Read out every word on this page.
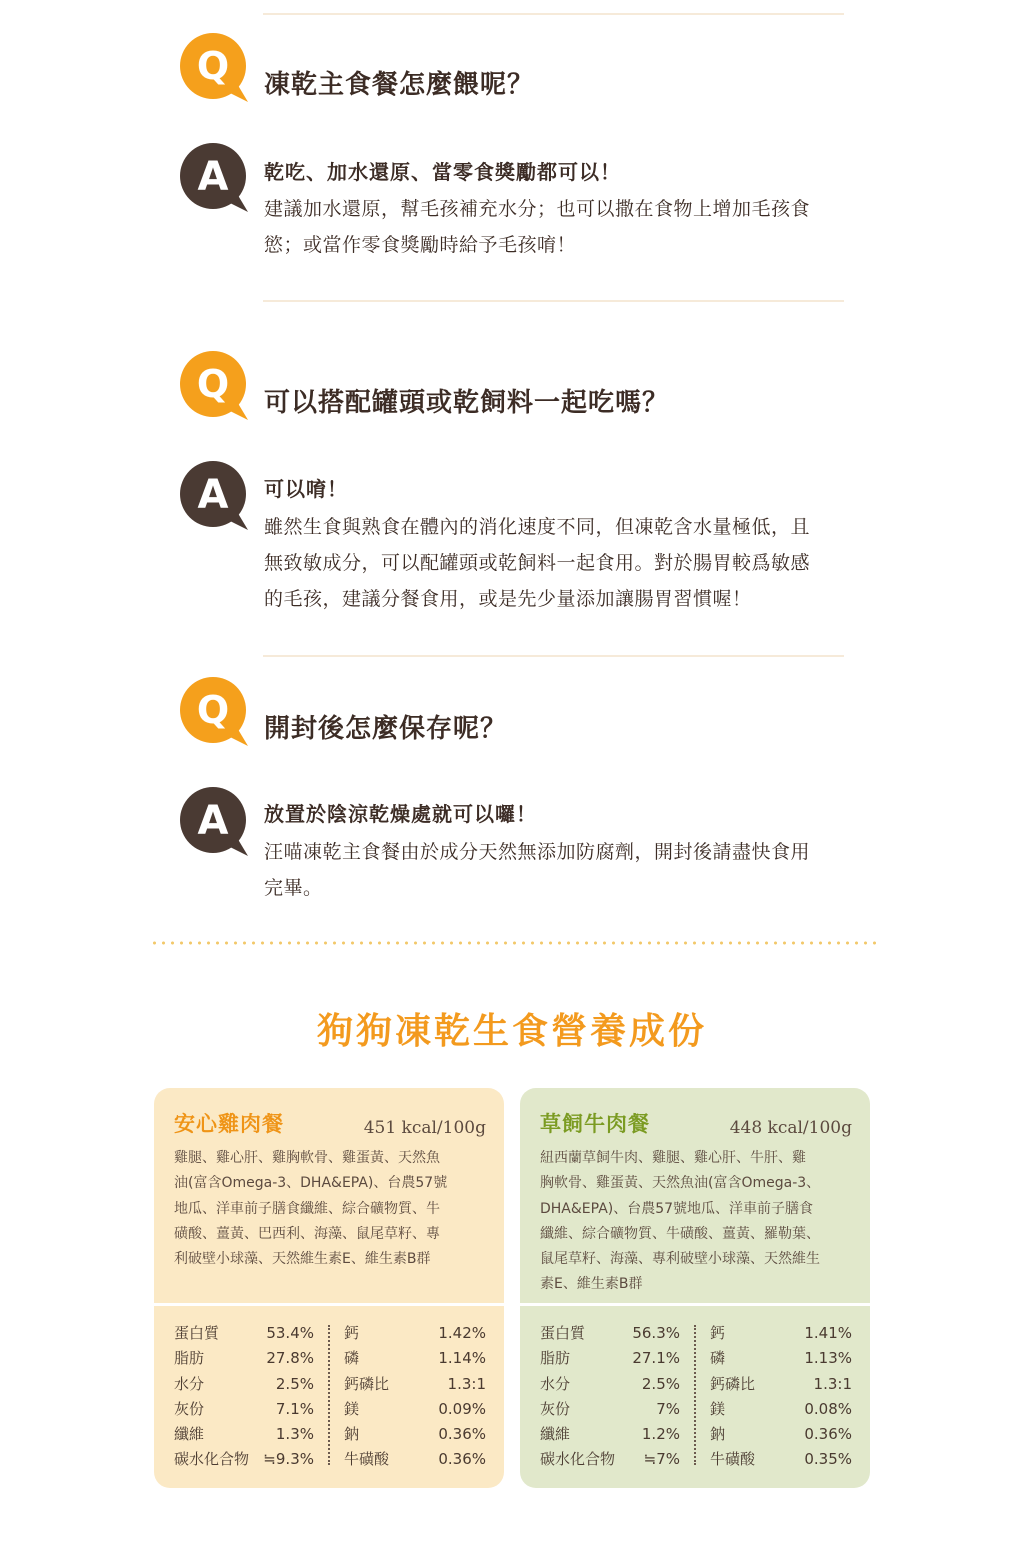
Q 凍乾主食餐怎麼餵呢？
A 乾吃、加水還原、當零食獎勵都可以！
建議加水還原，幫毛孩補充水分；也可以撒在食物上增加毛孩食
慾；或當作零食獎勵時給予毛孩唷！
Q 可以搭配罐頭或乾飼料一起吃嗎？
A 可以唷！
雖然生食與熟食在體內的消化速度不同，但凍乾含水量極低，且
無致敏成分，可以配罐頭或乾飼料一起食用。對於腸胃較爲敏感
的毛孩，建議分餐食用，或是先少量添加讓腸胃習慣喔！
Q 開封後怎麼保存呢？
A 放置於陰涼乾燥處就可以囉！
汪喵凍乾主食餐由於成分天然無添加防腐劑，開封後請盡快食用
完畢。
狗狗凍乾生食營養成份
安心雞肉餐	451 kcal/100g
雞腿、雞心肝、雞胸軟骨、雞蛋黃、天然魚
油(富含Omega-3、DHA&EPA)、台農57號
地瓜、洋車前子膳食纖維、綜合礦物質、牛
磺酸、薑黃、巴西利、海藻、鼠尾草籽、專
利破壁小球藻、天然維生素E、維生素B群
蛋白質	53.4%
脂肪	27.8%
水分	2.5%
灰份	7.1%
纖維	1.3%
碳水化合物 ≒9.3%
鈣	1.42%
磷	1.14%
鈣磷比	1.3:1
鎂	0.09%
鈉	0.36%
牛磺酸	0.36%
草飼牛肉餐	448 kcal/100g
紐西蘭草飼牛肉、雞腿、雞心肝、牛肝、雞
胸軟骨、雞蛋黃、天然魚油(富含Omega-3、
DHA&EPA)、台農57號地瓜、洋車前子膳食
纖維、綜合礦物質、牛磺酸、薑黃、羅勒葉、
鼠尾草籽、海藻、專利破壁小球藻、天然維生
素E、維生素B群
蛋白質	56.3%
脂肪	27.1%
水分	2.5%
灰份	7%
纖維	1.2%
碳水化合物 ≒7%
鈣	1.41%
磷	1.13%
鈣磷比	1.3:1
鎂	0.08%
鈉	0.36%
牛磺酸	0.35%
